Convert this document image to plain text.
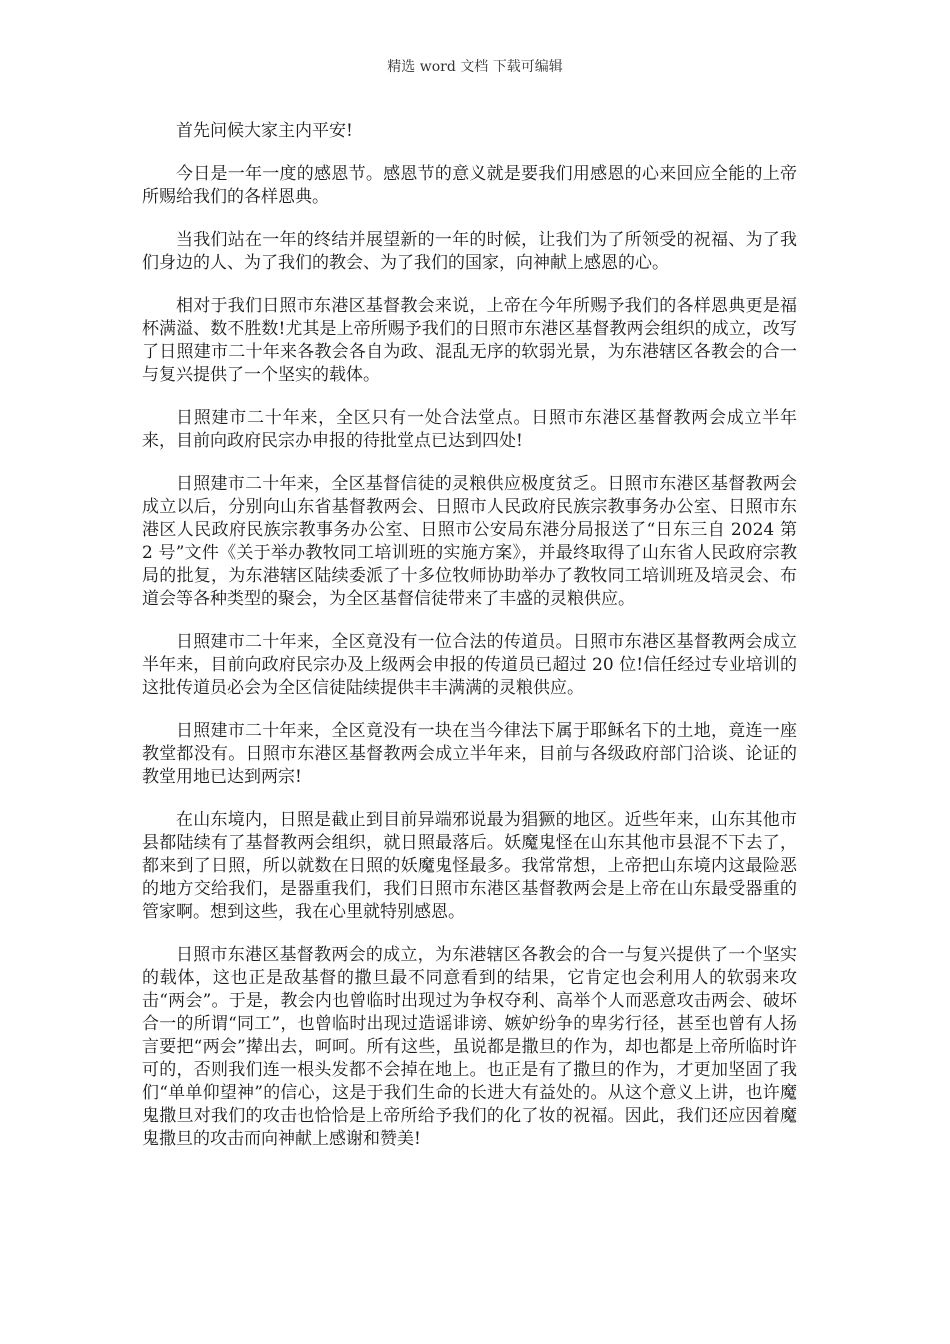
精选 word 文档 下载可编辑

首先问候大家主内平安!

今日是一年一度的感恩节。感恩节的意义就是要我们用感恩的心来回应全能的上帝所赐给我们的各样恩典。

当我们站在一年的终结并展望新的一年的时候，让我们为了所领受的祝福、为了我们身边的人、为了我们的教会、为了我们的国家，向神献上感恩的心。

相对于我们日照市东港区基督教会来说，上帝在今年所赐予我们的各样恩典更是福杯满溢、数不胜数!尤其是上帝所赐予我们的日照市东港区基督教两会组织的成立，改写了日照建市二十年来各教会各自为政、混乱无序的软弱光景，为东港辖区各教会的合一与复兴提供了一个坚实的载体。

日照建市二十年来，全区只有一处合法堂点。日照市东港区基督教两会成立半年来，目前向政府民宗办申报的待批堂点已达到四处!

日照建市二十年来，全区基督信徒的灵粮供应极度贫乏。日照市东港区基督教两会成立以后，分别向山东省基督教两会、日照市人民政府民族宗教事务办公室、日照市东港区人民政府民族宗教事务办公室、日照市公安局东港分局报送了“日东三自 2024 第 2 号”文件《关于举办教牧同工培训班的实施方案》，并最终取得了山东省人民政府宗教局的批复，为东港辖区陆续委派了十多位牧师协助举办了教牧同工培训班及培灵会、布道会等各种类型的聚会，为全区基督信徒带来了丰盛的灵粮供应。

日照建市二十年来，全区竟没有一位合法的传道员。日照市东港区基督教两会成立半年来，目前向政府民宗办及上级两会申报的传道员已超过 20 位!信任经过专业培训的这批传道员必会为全区信徒陆续提供丰丰满满的灵粮供应。

日照建市二十年来，全区竟没有一块在当今律法下属于耶稣名下的土地，竟连一座教堂都没有。日照市东港区基督教两会成立半年来，目前与各级政府部门洽谈、论证的教堂用地已达到两宗!

在山东境内，日照是截止到目前异端邪说最为猖獗的地区。近些年来，山东其他市县都陆续有了基督教两会组织，就日照最落后。妖魔鬼怪在山东其他市县混不下去了，都来到了日照，所以就数在日照的妖魔鬼怪最多。我常常想，上帝把山东境内这最险恶的地方交给我们，是器重我们，我们日照市东港区基督教两会是上帝在山东最受器重的管家啊。想到这些，我在心里就特别感恩。

日照市东港区基督教两会的成立，为东港辖区各教会的合一与复兴提供了一个坚实的载体，这也正是敌基督的撒旦最不同意看到的结果，它肯定也会利用人的软弱来攻击“两会”。于是，教会内也曾临时出现过为争权夺利、高举个人而恶意攻击两会、破坏合一的所谓“同工”，也曾临时出现过造谣诽谤、嫉妒纷争的卑劣行径，甚至也曾有人扬言要把“两会”撵出去，呵呵。所有这些，虽说都是撒旦的作为，却也都是上帝所临时许可的，否则我们连一根头发都不会掉在地上。也正是有了撒旦的作为，才更加坚固了我们“单单仰望神”的信心，这是于我们生命的长进大有益处的。从这个意义上讲，也许魔鬼撒旦对我们的攻击也恰恰是上帝所给予我们的化了妆的祝福。因此，我们还应因着魔鬼撒旦的攻击而向神献上感谢和赞美!
